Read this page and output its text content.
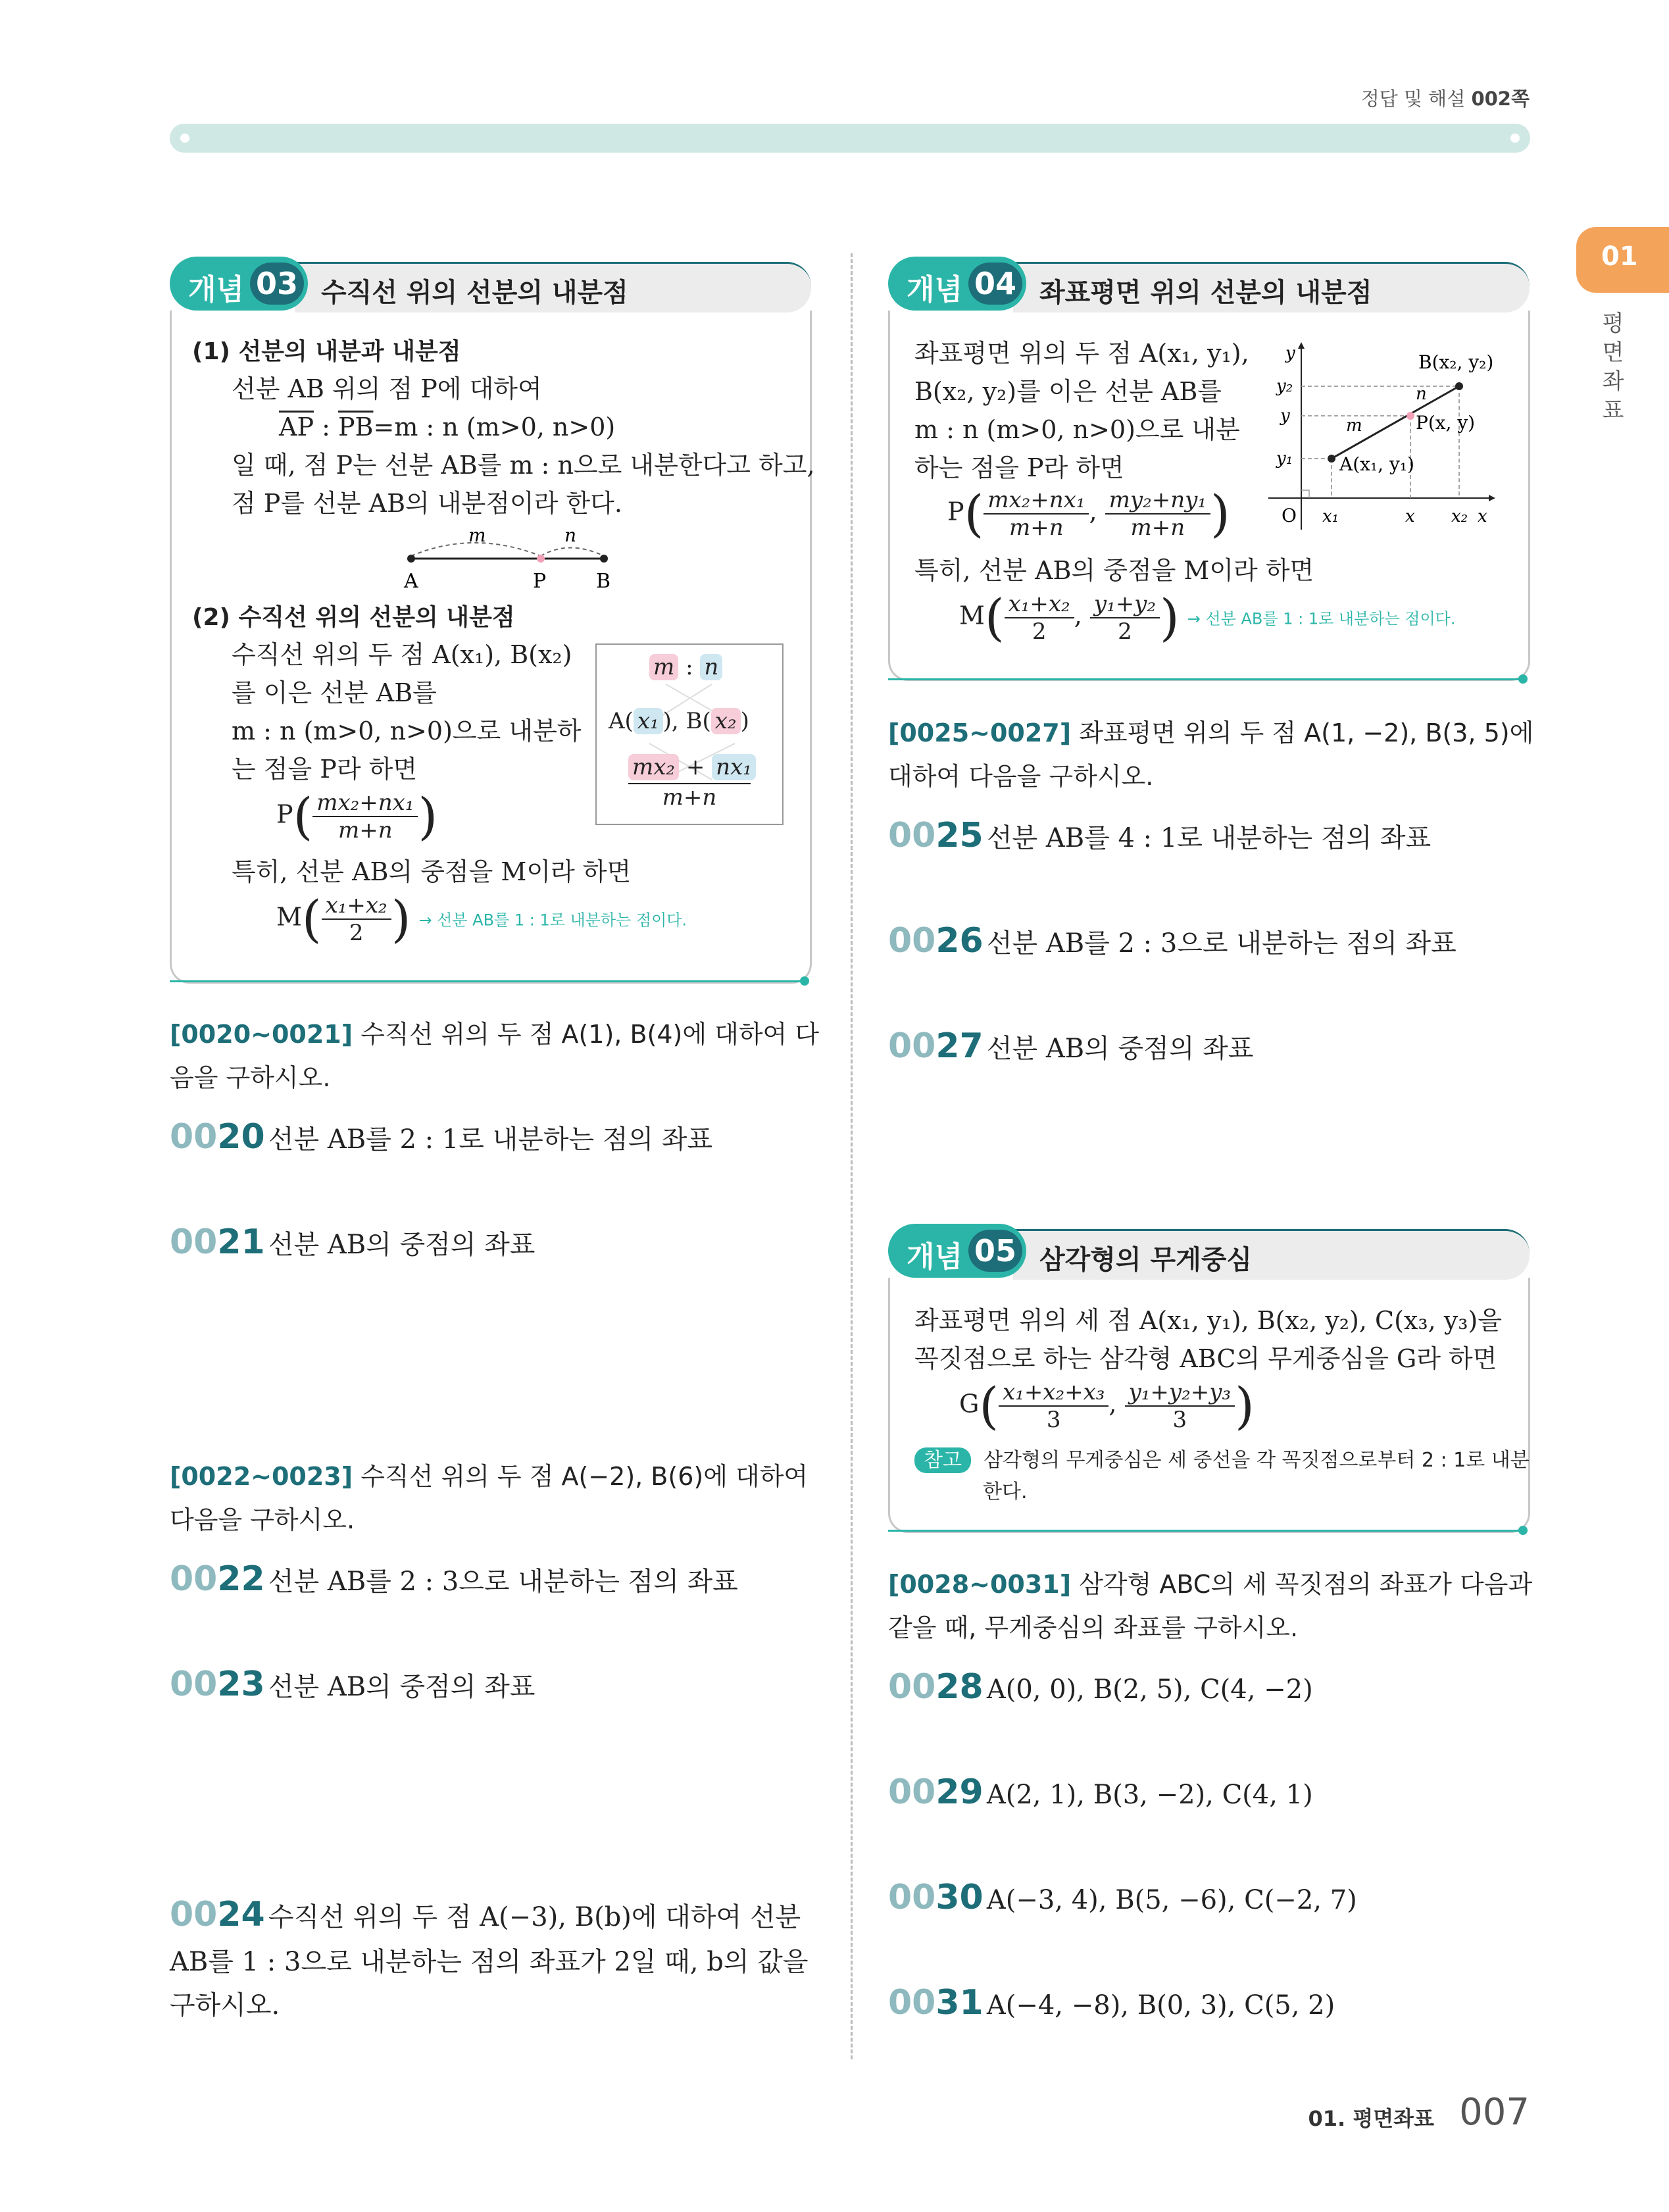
정답 및 해설 002쪽
01
평면좌표
수직선 위의 선분의 내분점
개념 03
(1) 선분의 내분과 내분점
선분 AB 위의 점 P에 대하여
$\overline{AP}$ : $\overline{PB}=m$ : n (m>0, n>0)
일 때, 점 P는 선분 AB를 m : n으로 내분한다고 하고,
점 P를 선분 AB의 내분점이라 한다.
m	n
A	P	B
(2) 수직선 위의 선분의 내분점
수직선 위의 두 점 A(x₁), B(x₂)
를 이은 선분 AB를
m : n (m>0, n>0)으로 내분하
는 점을 P라 하면
$P( \frac{\text{mx₂+nx₁}}{m+n}$ )
특히, 선분 AB의 중점을 M이라 하면
$M( \frac{\text{x₁+x₂}}{2}$ ) → 선분 AB를 1 : 1로 내분하는 점이다.
m : n
A( x₁ ), B( x₂ )
$\frac{\text{mx₂ + nx₁}}{m+n}$
[0020~0021] 수직선 위의 두 점 A(1), B(4)에 대하여 다
음을 구하시오.
0020 선분 AB를 2 : 1로 내분하는 점의 좌표
0021 선분 AB의 중점의 좌표
[0022~0023] 수직선 위의 두 점 A(−2), B(6)에 대하여
다음을 구하시오.
0022 선분 AB를 2 : 3으로 내분하는 점의 좌표
0023 선분 AB의 중점의 좌표
0024 수직선 위의 두 점 A(−3), B(b)에 대하여 선분
AB를 1 : 3으로 내분하는 점의 좌표가 2일 때, b의 값을
구하시오.
좌표평면 위의 선분의 내분점
개념 04
좌표평면 위의 두 점 A(x₁, y₁),
B(x₂, y₂)를 이은 선분 AB를
m : n (m>0, n>0)으로 내분
하는 점을 P라 하면
$P( \frac{\text{mx₂+nx₁}}{m+n}$ , $\frac{\text{my₂+ny₁}}{m+n}$ )
특히, 선분 AB의 중점을 M이라 하면
$M( \frac{\text{x₁+x₂}}{2}$ , $\frac{\text{y₁+y₂}}{2}$ ) → 선분 AB를 1 : 1로 내분하는 점이다.
B(x₂, y₂)
P(x, y)
A(x₁, y₁)
O x₁	x x₂ x
y
y₂
y
y₁
m
n
[0025~0027] 좌표평면 위의 두 점 A(1, −2), B(3, 5)에
대하여 다음을 구하시오.
0025 선분 AB를 4 : 1로 내분하는 점의 좌표
0026 선분 AB를 2 : 3으로 내분하는 점의 좌표
0027 선분 AB의 중점의 좌표
삼각형의 무게중심
개념 05
좌표평면 위의 세 점 A(x₁, y₁), B(x₂, y₂), C(x₃, y₃)을
꼭짓점으로 하는 삼각형 ABC의 무게중심을 G라 하면
$G( \frac{\text{x₁+x₂+x₃}}{3}$ , $\frac{\text{y₁+y₂+y₃}}{3}$ )
참고 삼각형의 무게중심은 세 중선을 각 꼭짓점으로부터 2 : 1로 내분
한다.
[0028~0031] 삼각형 ABC의 세 꼭짓점의 좌표가 다음과
같을 때, 무게중심의 좌표를 구하시오.
0028 A(0, 0), B(2, 5), C(4, −2)
0029 A(2, 1), B(3, −2), C(4, 1)
0030 A(−3, 4), B(5, −6), C(−2, 7)
0031 A(−4, −8), B(0, 3), C(5, 2)
01. 평면좌표 007
